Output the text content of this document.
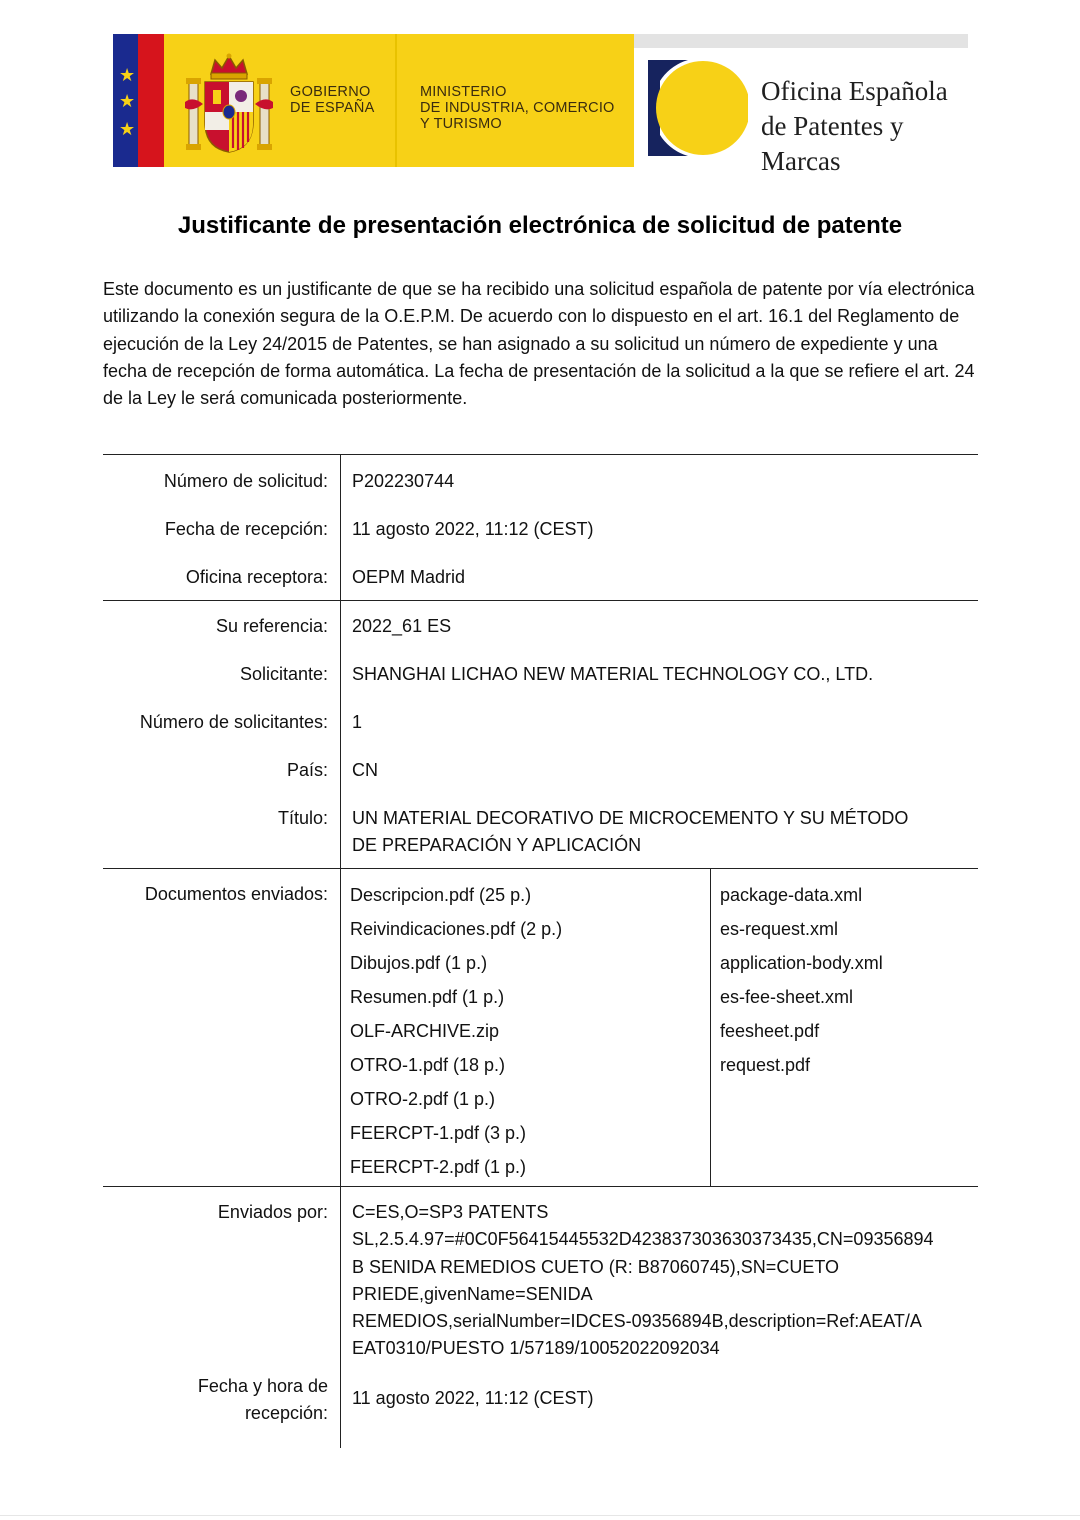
★
★
★
GOBIERNO
DE ESPAÑA
MINISTERIO
DE INDUSTRIA, COMERCIO
Y TURISMO
Oficina Española
de Patentes y Marcas
Justificante de presentación electrónica de solicitud de patente

Este documento es un justificante de que se ha recibido una solicitud española de patente por vía electrónica utilizando la conexión segura de la O.E.P.M. De acuerdo con lo dispuesto en el art. 16.1 del Reglamento de ejecución de la Ley 24/2015 de Patentes, se han asignado a su solicitud un número de expediente y una fecha de recepción de forma automática. La fecha de presentación de la solicitud a la que se refiere el art. 24 de la Ley le será comunicada posteriormente.

Número de solicitud:
Fecha de recepción:
Oficina receptora:
P202230744
11 agosto 2022, 11:12 (CEST)
OEPM Madrid
Su referencia:
Solicitante:
Número de solicitantes:
País:
Título:
2022_61 ES
SHANGHAI LICHAO NEW MATERIAL TECHNOLOGY CO., LTD.
1
CN
UN MATERIAL DECORATIVO DE MICROCEMENTO Y SU MÉTODO
DE PREPARACIÓN Y APLICACIÓN
Documentos enviados:	Descripcion.pdf (25 p.)
Reivindicaciones.pdf (2 p.)
Dibujos.pdf (1 p.)
Resumen.pdf (1 p.)
OLF-ARCHIVE.zip
OTRO-1.pdf (18 p.)
OTRO-2.pdf (1 p.)
FEERCPT-1.pdf (3 p.)
FEERCPT-2.pdf (1 p.)
package-data.xml
es-request.xml
application-body.xml
es-fee-sheet.xml
feesheet.pdf
request.pdf
Enviados por:
Fecha y hora de
recepción:
C=ES,O=SP3 PATENTS
SL,2.5.4.97=#0C0F56415445532D423837303630373435,CN=09356894
B SENIDA REMEDIOS CUETO (R: B87060745),SN=CUETO
PRIEDE,givenName=SENIDA
REMEDIOS,serialNumber=IDCES-09356894B,description=Ref:AEAT/A
EAT0310/PUESTO 1/57189/10052022092034
11 agosto 2022, 11:12 (CEST)
